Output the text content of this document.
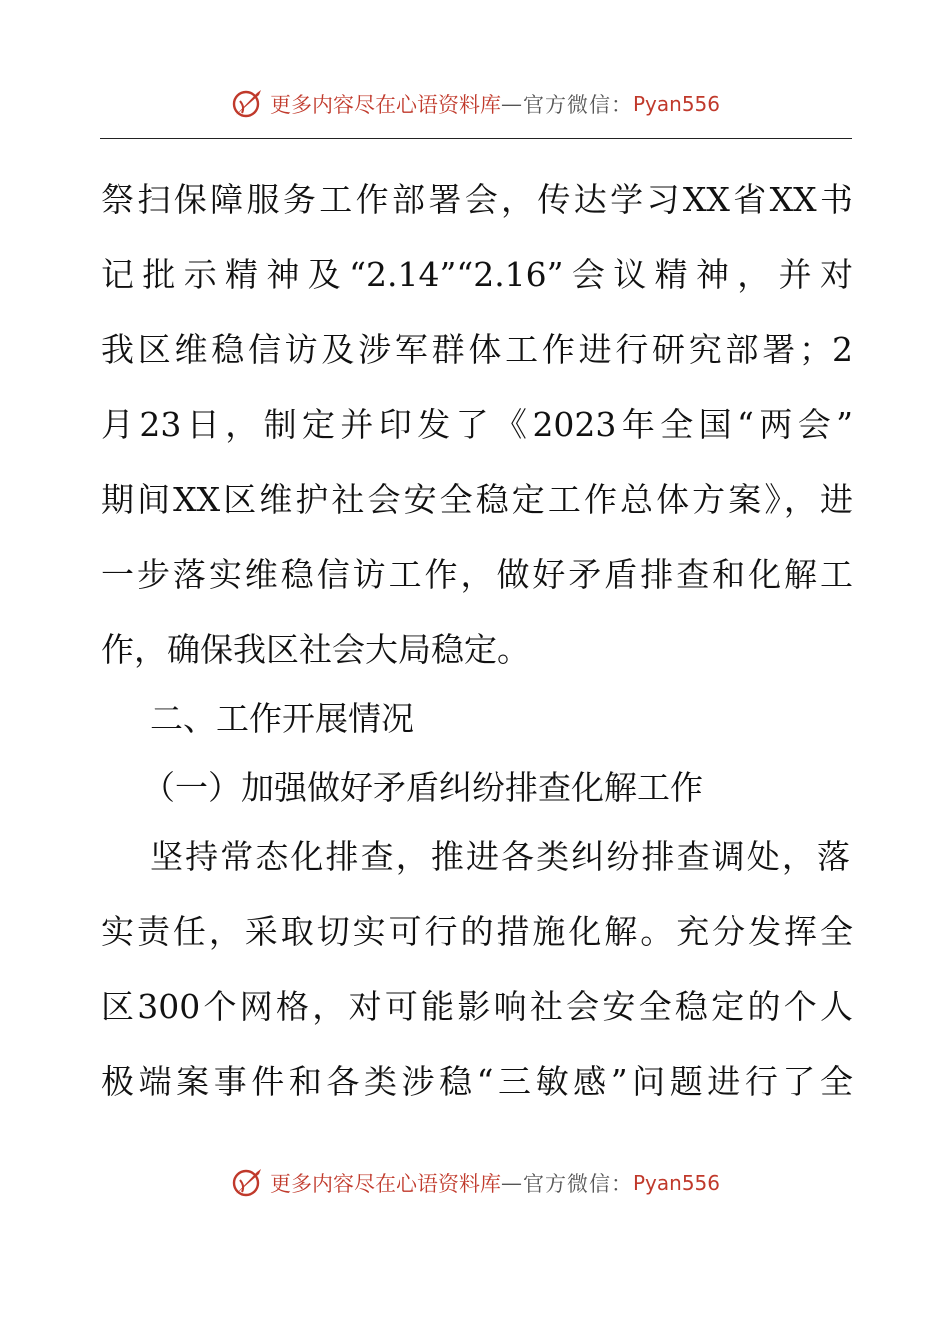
更多内容尽在心语资料库 — 官方微信： Pyan556
祭扫保障服务工作部署会，传达学习XX省XX书
记批示精神及“2.14”“2.16”会议精神，并对
我区维稳信访及涉军群体工作进行研究部署；2
月23日，制定并印发了《2023年全国“两会”
期间XX区维护社会安全稳定工作总体方案》，进
一步落实维稳信访工作，做好矛盾排查和化解工
作，确保我区社会大局稳定。
二、工作开展情况
（一）加强做好矛盾纠纷排查化解工作
坚持常态化排查，推进各类纠纷排查调处，落
实责任，采取切实可行的措施化解。充分发挥全
区300个网格，对可能影响社会安全稳定的个人
极端案事件和各类涉稳“三敏感”问题进行了全
更多内容尽在心语资料库 — 官方微信： Pyan556
